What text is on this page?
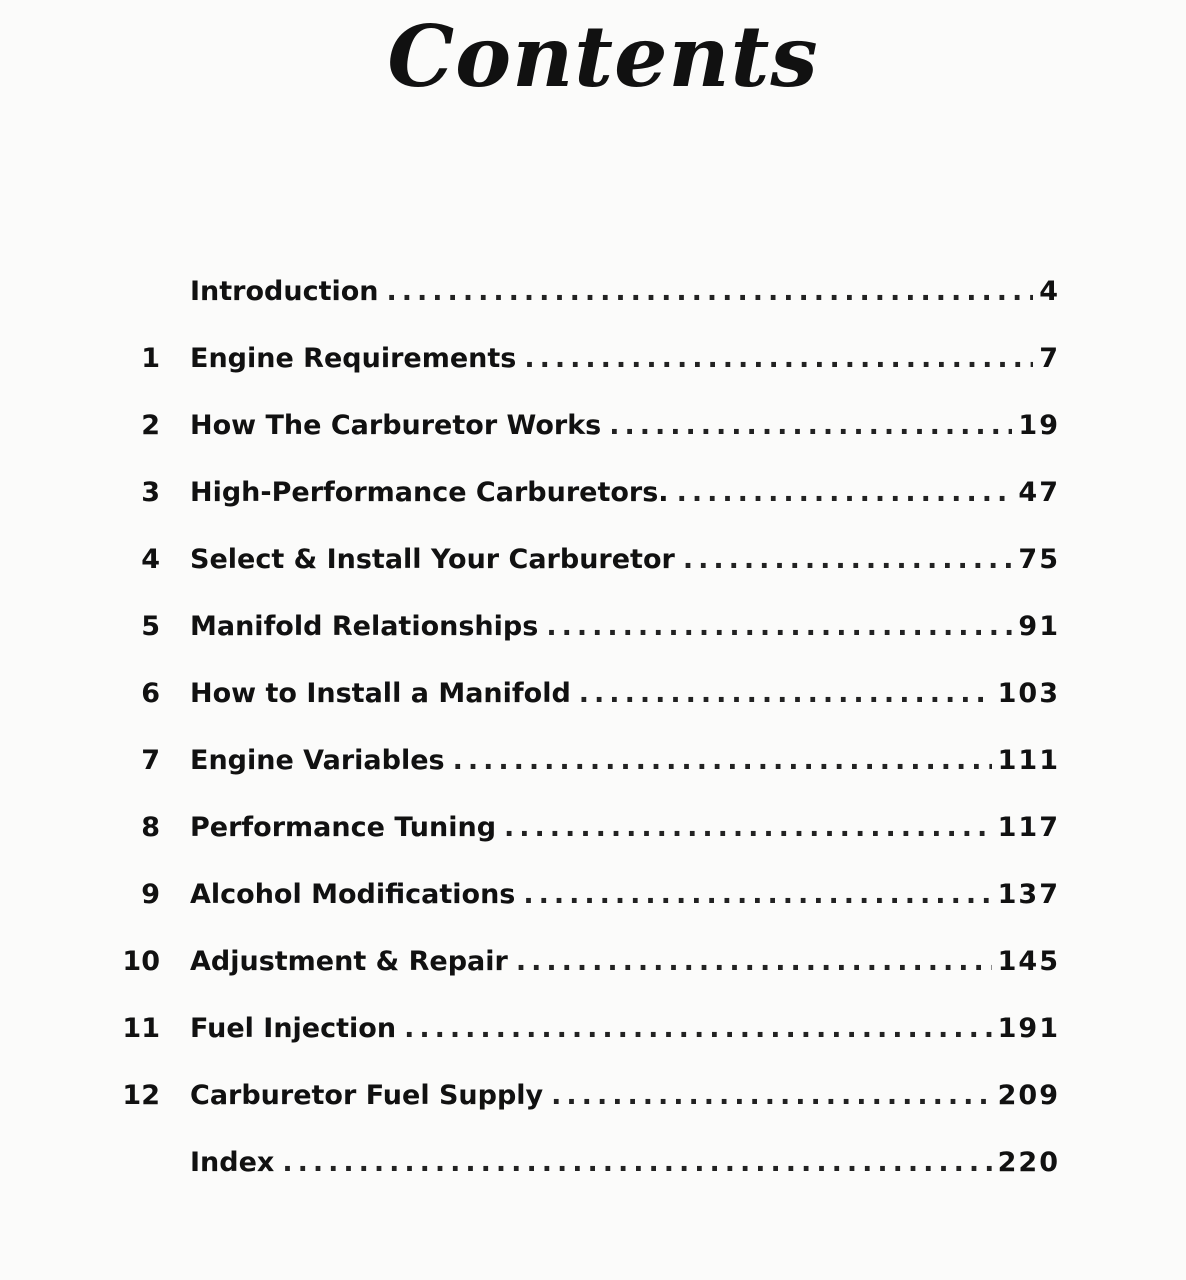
Contents
Introduction .....	4
1 Engine Requirements .....	7
2 How The Carburetor Works .....	19
3 High-Performance Carburetors. .....	47
4 Select & Install Your Carburetor .....	75
5 Manifold Relationships .....	91
6 How to Install a Manifold .....	103
7 Engine Variables .....	111
8 Performance Tuning .....	117
9 Alcohol Modifications .....	137
10 Adjustment & Repair .....	145
11 Fuel Injection .....	191
12 Carburetor Fuel Supply .....	209
Index .....	220
